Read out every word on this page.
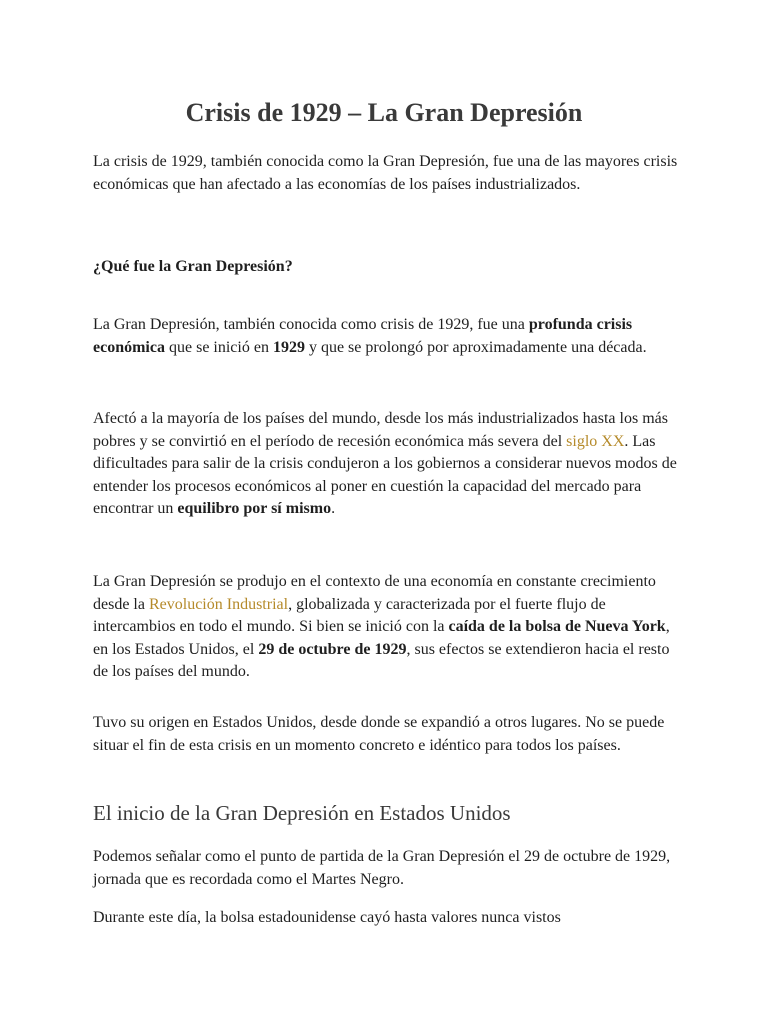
Crisis de 1929 – La Gran Depresión

La crisis de 1929, también conocida como la Gran Depresión, fue una de las mayores crisis económicas que han afectado a las economías de los países industrializados.

¿Qué fue la Gran Depresión?

La Gran Depresión, también conocida como crisis de 1929, fue una profunda crisis económica que se inició en 1929 y que se prolongó por aproximadamente una década.

Afectó a la mayoría de los países del mundo, desde los más industrializados hasta los más pobres y se convirtió en el período de recesión económica más severa del siglo XX. Las dificultades para salir de la crisis condujeron a los gobiernos a considerar nuevos modos de entender los procesos económicos al poner en cuestión la capacidad del mercado para encontrar un equilibro por sí mismo.

La Gran Depresión se produjo en el contexto de una economía en constante crecimiento desde la Revolución Industrial, globalizada y caracterizada por el fuerte flujo de intercambios en todo el mundo. Si bien se inició con la caída de la bolsa de Nueva York, en los Estados Unidos, el 29 de octubre de 1929, sus efectos se extendieron hacia el resto de los países del mundo.

Tuvo su origen en Estados Unidos, desde donde se expandió a otros lugares. No se puede situar el fin de esta crisis en un momento concreto e idéntico para todos los países.

El inicio de la Gran Depresión en Estados Unidos

Podemos señalar como el punto de partida de la Gran Depresión el 29 de octubre de 1929, jornada que es recordada como el Martes Negro.

Durante este día, la bolsa estadounidense cayó hasta valores nunca vistos
